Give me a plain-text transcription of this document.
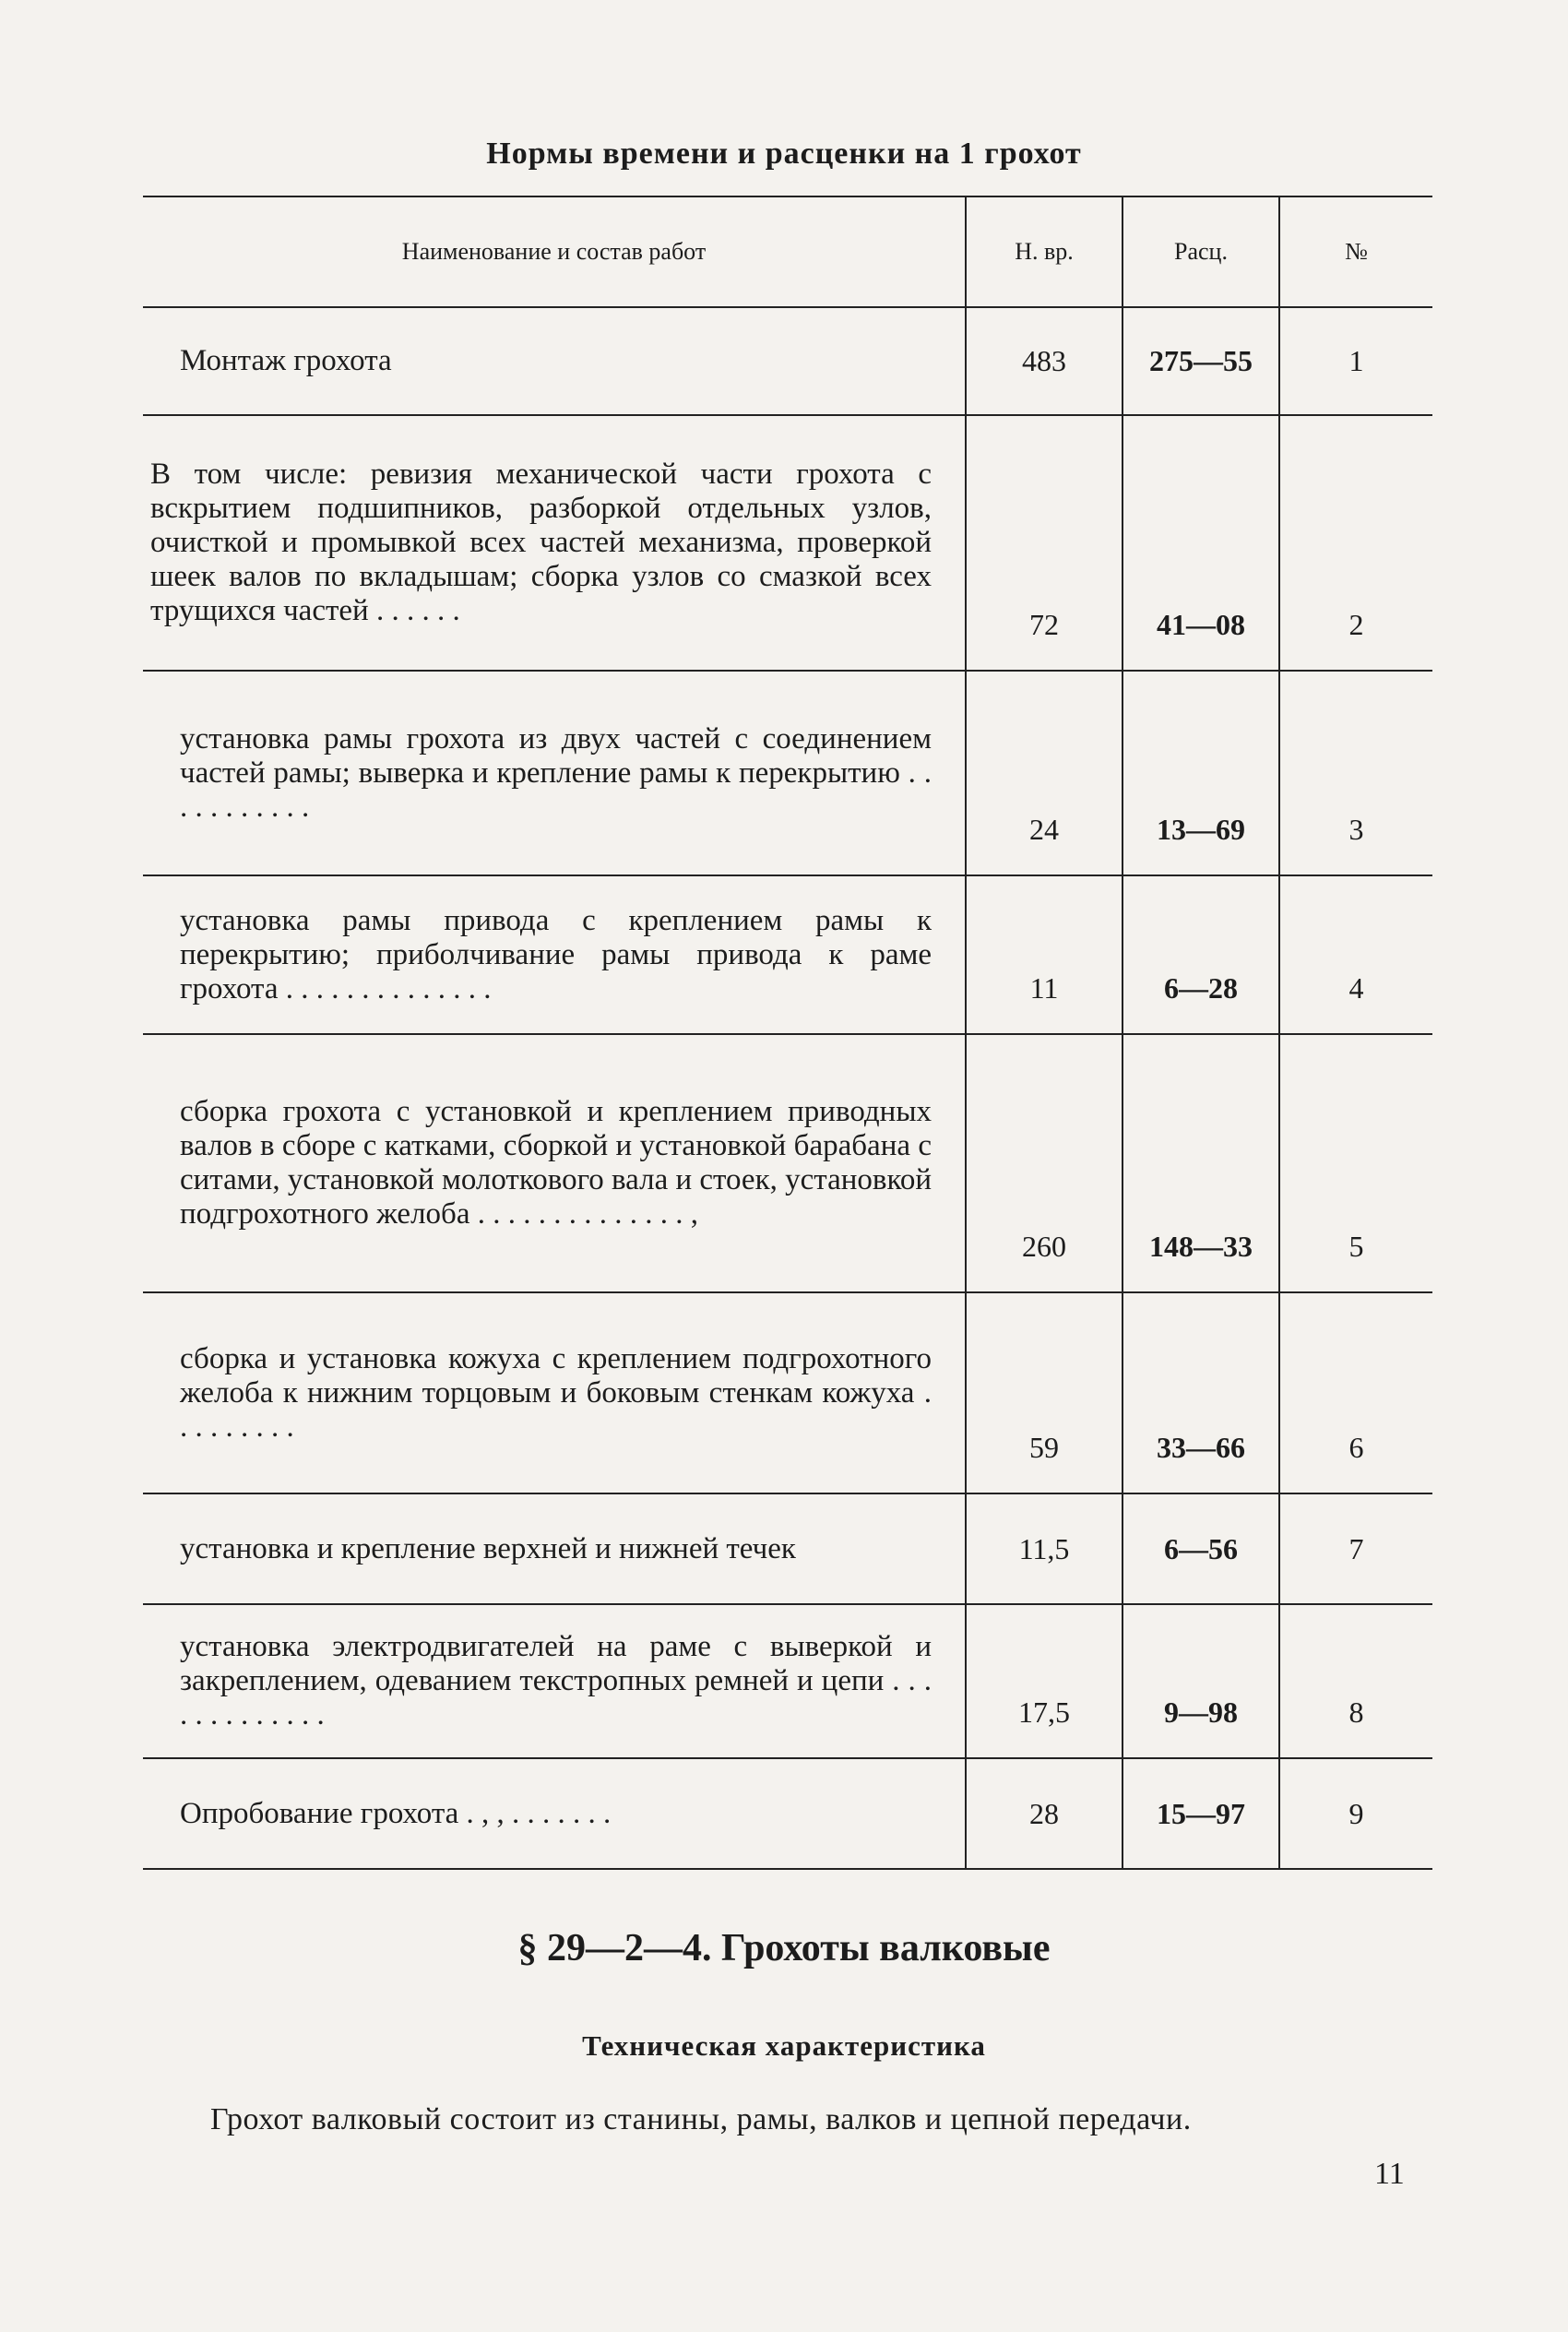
Нормы времени и расценки на 1 грохот
Наименование и состав работ	Н. вр.	Расц.	№
Монтаж грохота	483	275—55	1
В том числе: ревизия механической части грохота с вскрытием подшипников, разборкой отдельных узлов, очисткой и промывкой всех частей механизма, проверкой шеек валов по вкладышам; сборка узлов со смазкой всех трущихся частей . . . . . .	72	41—08	2
установка рамы грохота из двух частей с соединением частей рамы; выверка и крепление рамы к перекрытию . . . . . . . . . . .	24	13—69	3
установка рамы привода с креплением рамы к перекрытию; приболчивание рамы привода к раме грохота . . . . . . . . . . . . . .	11	6—28	4
сборка грохота с установкой и креплением приводных валов в сборе с катками, сборкой и установкой барабана с ситами, установкой молоткового вала и стоек, установкой подгрохотного желоба . . . . . . . . . . . . . . ,	260	148—33	5
сборка и установка кожуха с креплением подгрохотного желоба к нижним торцовым и боковым стенкам кожуха . . . . . . . . .	59	33—66	6
установка и крепление верхней и нижней течек	11,5	6—56	7
установка электродвигателей на раме с выверкой и закреплением, одеванием текстропных ремней и цепи . . . . . . . . . . . . .	17,5	9—98	8
Опробование грохота . , , . . . . . . .	28	15—97	9
§ 29—2—4. Грохоты валковые
Техническая характеристика
Грохот валковый состоит из станины, рамы, валков и цепной передачи.
11
